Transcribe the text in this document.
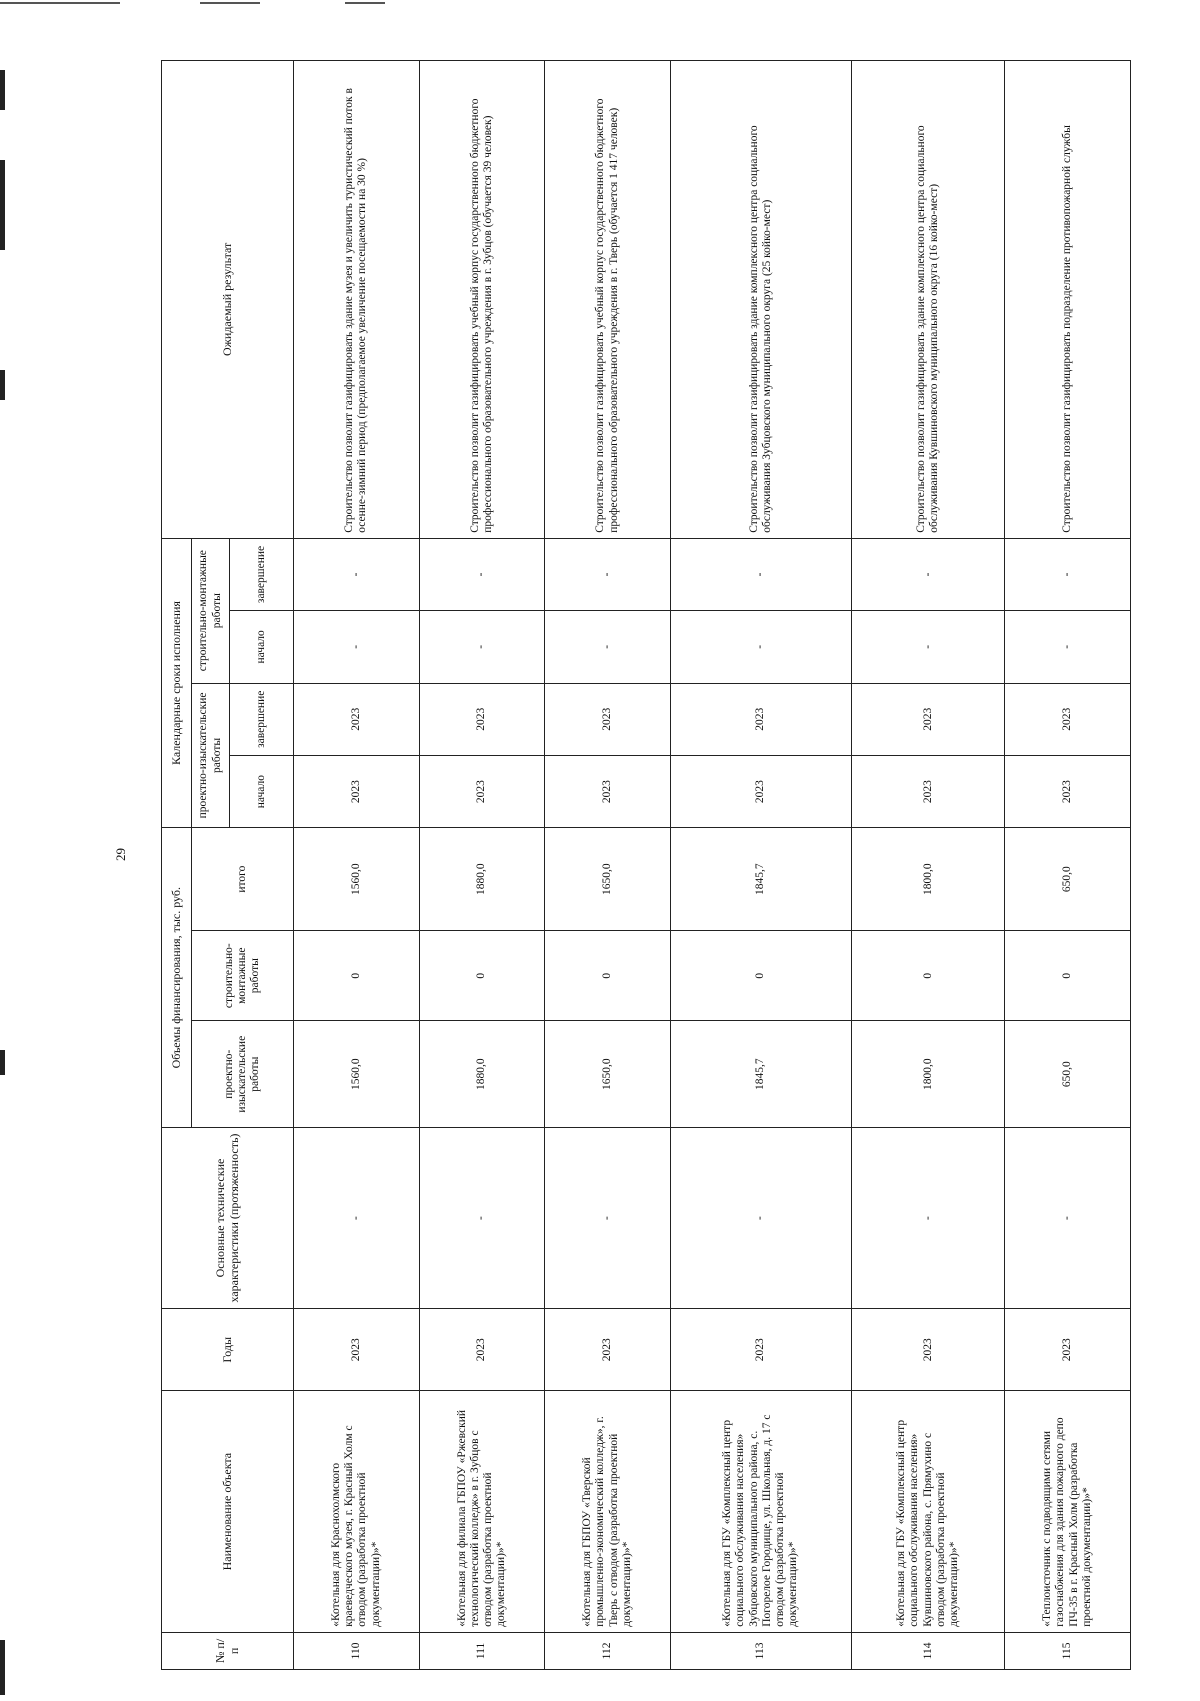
29
№ п/п	Наименование объекта	Годы	Основные технические характеристики (протяженность)	Объемы финансирования, тыс. руб.			Календарные сроки исполнения				Ожидаемый результат
				проектно-изыскательские работы	строительно-монтажные работы	итого	проектно-изыскательские работы		строительно-монтажные работы		
							начало	завершение	начало	завершение	
110	«Котельная для Краснохолмского краеведческого музея, г. Красный Холм с отводом (разработка проектной документации)»*	2023	-	1560,0	0	1560,0	2023	2023	-	-	Строительство позволит газифицировать здание музея и увеличить туристический поток в осенне-зимний период (предполагаемое увеличение посещаемости на 30 %)
111	«Котельная для филиала ГБПОУ «Ржевский технологический колледж» в г. Зубцов с отводом (разработка проектной документации)»*	2023	-	1880,0	0	1880,0	2023	2023	-	-	Строительство позволит газифицировать учебный корпус государственного бюджетного профессионального образовательного учреждения в г. Зубцов (обучается 39 человек)
112	«Котельная для ГБПОУ «Тверской промышленно-экономический колледж», г. Тверь с отводом (разработка проектной документации)»*	2023	-	1650,0	0	1650,0	2023	2023	-	-	Строительство позволит газифицировать учебный корпус государственного бюджетного профессионального образовательного учреждения в г. Тверь (обучается 1 417 человек)
113	«Котельная для ГБУ «Комплексный центр социального обслуживания населения» Зубцовского муниципального района, с. Погорелое Городище, ул. Школьная, д. 17 с отводом (разработка проектной документации)»*	2023	-	1845,7	0	1845,7	2023	2023	-	-	Строительство позволит газифицировать здание комплексного центра социального обслуживания Зубцовского муниципального округа (25 койко-мест)
114	«Котельная для ГБУ «Комплексный центр социального обслуживания населения» Кувшиновского района, с. Прямухино с отводом (разработка проектной документации)»*	2023	-	1800,0	0	1800,0	2023	2023	-	-	Строительство позволит газифицировать здание комплексного центра социального обслуживания Кувшиновского муниципального округа (16 койко-мест)
115	«Теплоисточник с подводящими сетями газоснабжения для здания пожарного депо ПЧ-35 в г. Красный Холм (разработка проектной документации)»*	2023	-	650,0	0	650,0	2023	2023	-	-	Строительство позволит газифицировать подразделение противопожарной службы
